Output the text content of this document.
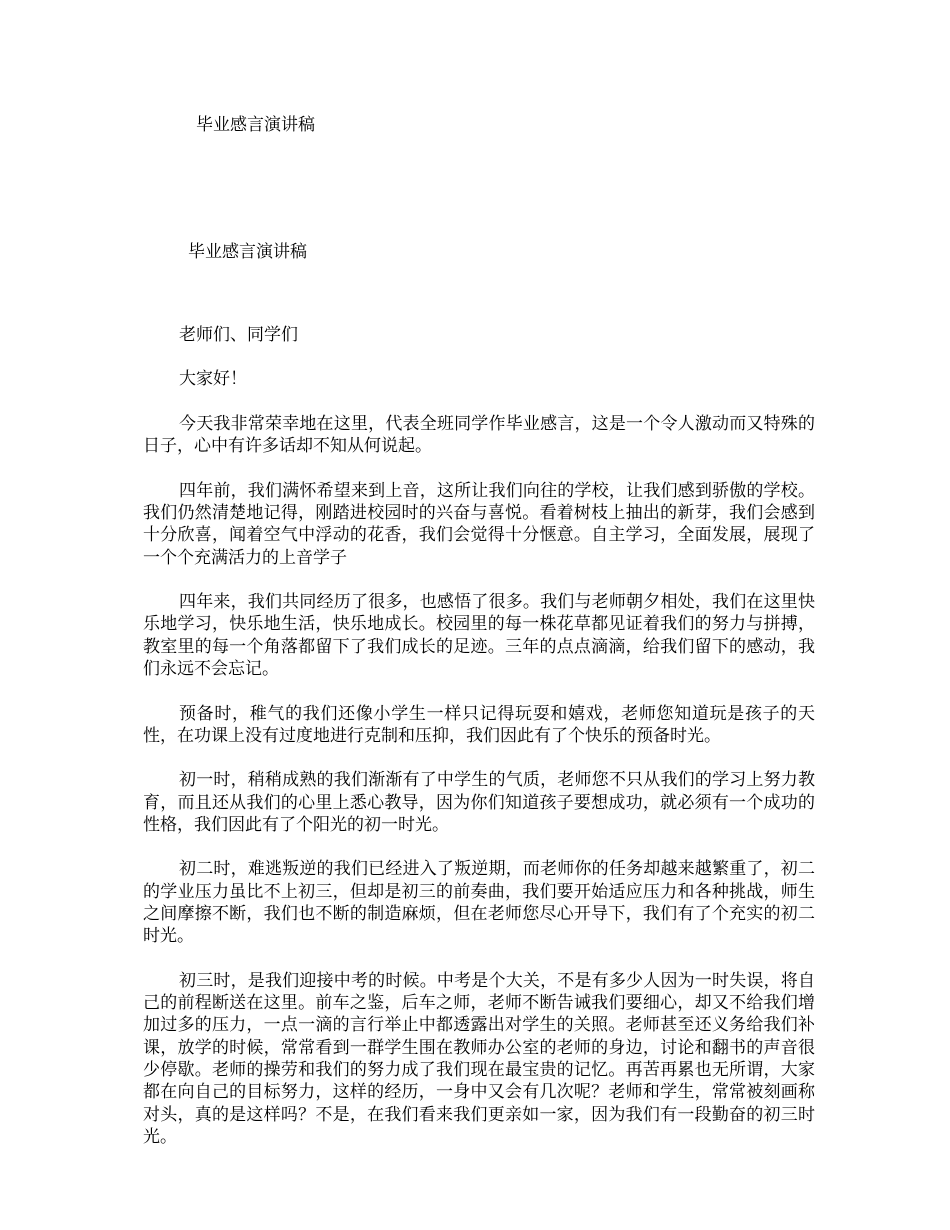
毕业感言演讲稿
毕业感言演讲稿

老师们、同学们

大家好！

今天我非常荣幸地在这里，代表全班同学作毕业感言，这是一个令人激动而又特殊的日子，心中有许多话却不知从何说起。

四年前，我们满怀希望来到上音，这所让我们向往的学校，让我们感到骄傲的学校。我们仍然清楚地记得，刚踏进校园时的兴奋与喜悦。看着树枝上抽出的新芽，我们会感到十分欣喜，闻着空气中浮动的花香，我们会觉得十分惬意。自主学习，全面发展，展现了一个个充满活力的上音学子

四年来，我们共同经历了很多，也感悟了很多。我们与老师朝夕相处，我们在这里快乐地学习，快乐地生活，快乐地成长。校园里的每一株花草都见证着我们的努力与拼搏，教室里的每一个角落都留下了我们成长的足迹。三年的点点滴滴，给我们留下的感动，我们永远不会忘记。

预备时，稚气的我们还像小学生一样只记得玩耍和嬉戏，老师您知道玩是孩子的天性，在功课上没有过度地进行克制和压抑，我们因此有了个快乐的预备时光。

初一时，稍稍成熟的我们渐渐有了中学生的气质，老师您不只从我们的学习上努力教育，而且还从我们的心里上悉心教导，因为你们知道孩子要想成功，就必须有一个成功的性格，我们因此有了个阳光的初一时光。

初二时，难逃叛逆的我们已经进入了叛逆期，而老师你的任务却越来越繁重了，初二的学业压力虽比不上初三，但却是初三的前奏曲，我们要开始适应压力和各种挑战，师生之间摩擦不断，我们也不断的制造麻烦，但在老师您尽心开导下，我们有了个充实的初二时光。

初三时，是我们迎接中考的时候。中考是个大关，不是有多少人因为一时失误，将自己的前程断送在这里。前车之鉴，后车之师，老师不断告诫我们要细心，却又不给我们增加过多的压力，一点一滴的言行举止中都透露出对学生的关照。老师甚至还义务给我们补课，放学的时候，常常看到一群学生围在教师办公室的老师的身边，讨论和翻书的声音很少停歇。老师的操劳和我们的努力成了我们现在最宝贵的记忆。再苦再累也无所谓，大家都在向自己的目标努力，这样的经历，一身中又会有几次呢？老师和学生，常常被刻画称对头，真的是这样吗？不是，在我们看来我们更亲如一家，因为我们有一段勤奋的初三时光。
